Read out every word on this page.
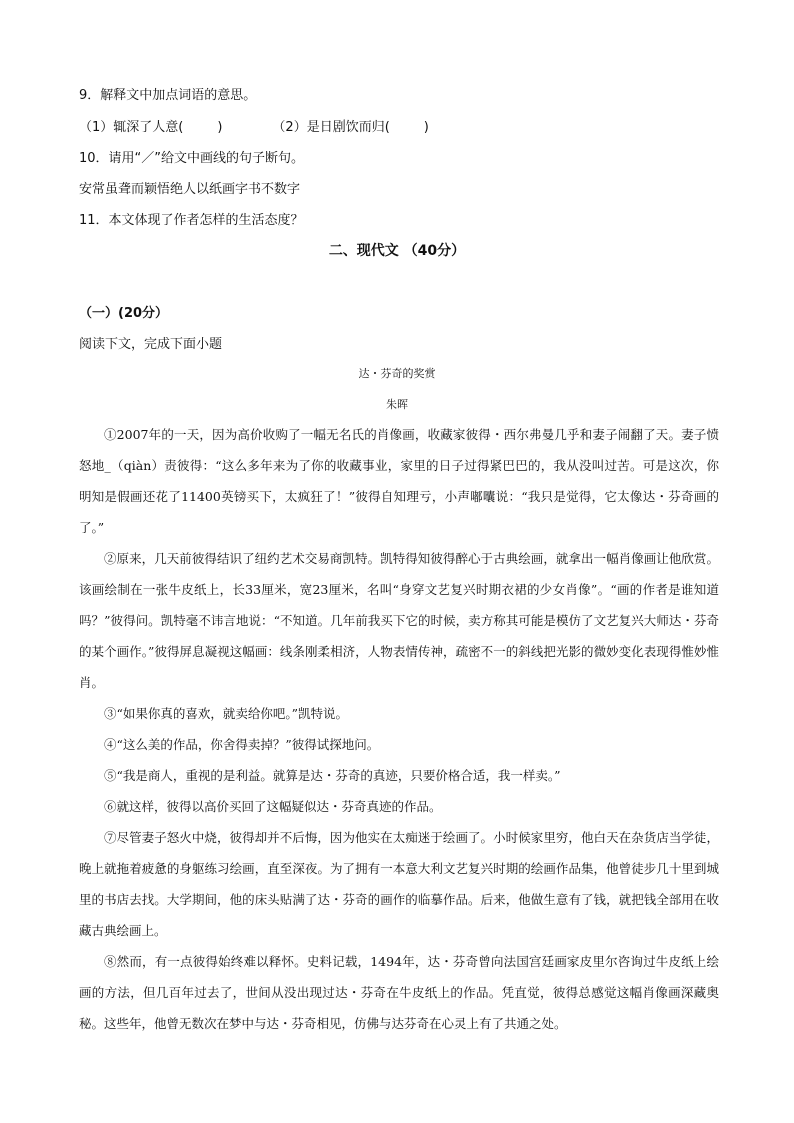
9．解释文中加点词语的意思。
（1）辄深了人意(	)	（2）是日剧饮而归(	)
10．请用“／”给文中画线的句子断句。
安常虽聋而颖悟绝人以纸画字书不数字
11．本文体现了作者怎样的生活态度？
二、现代文 （40分）
（一）(20分）
阅读下文，完成下面小题
达・芬奇的奖赏
朱晖

①2007年的一天，因为高价收购了一幅无名氏的肖像画，收藏家彼得・西尔弗曼几乎和妻子闹翻了天。妻子愤怒地_（qiàn）责彼得：“这么多年来为了你的收藏事业，家里的日子过得紧巴巴的，我从没叫过苦。可是这次，你明知是假画还花了11400英镑买下，太疯狂了！”彼得自知理亏，小声嘟囔说：“我只是觉得，它太像达・芬奇画的了。”

②原来，几天前彼得结识了纽约艺术交易商凯特。凯特得知彼得醉心于古典绘画，就拿出一幅肖像画让他欣赏。该画绘制在一张牛皮纸上，长33厘米，宽23厘米，名叫“身穿文艺复兴时期衣裙的少女肖像”。“画的作者是谁知道吗？”彼得问。凯特毫不讳言地说：“不知道。几年前我买下它的时候，卖方称其可能是模仿了文艺复兴大师达・芬奇的某个画作。”彼得屏息凝视这幅画：线条刚柔相济，人物表情传神，疏密不一的斜线把光影的微妙变化表现得惟妙惟肖。

③“如果你真的喜欢，就卖给你吧。”凯特说。

④“这么美的作品，你舍得卖掉？”彼得试探地问。

⑤“我是商人，重视的是利益。就算是达・芬奇的真迹，只要价格合适，我一样卖。”

⑥就这样，彼得以高价买回了这幅疑似达・芬奇真迹的作品。

⑦尽管妻子怒火中烧，彼得却并不后悔，因为他实在太痴迷于绘画了。小时候家里穷，他白天在杂货店当学徒，晚上就拖着疲惫的身躯练习绘画，直至深夜。为了拥有一本意大利文艺复兴时期的绘画作品集，他曾徒步几十里到城里的书店去找。大学期间，他的床头贴满了达・芬奇的画作的临摹作品。后来，他做生意有了钱，就把钱全部用在收藏古典绘画上。

⑧然而，有一点彼得始终难以释怀。史料记载，1494年，达・芬奇曾向法国宫廷画家皮里尔咨询过牛皮纸上绘画的方法，但几百年过去了，世间从没出现过达・芬奇在牛皮纸上的作品。凭直觉，彼得总感觉这幅肖像画深藏奥秘。这些年，他曾无数次在梦中与达・芬奇相见，仿佛与达芬奇在心灵上有了共通之处。
